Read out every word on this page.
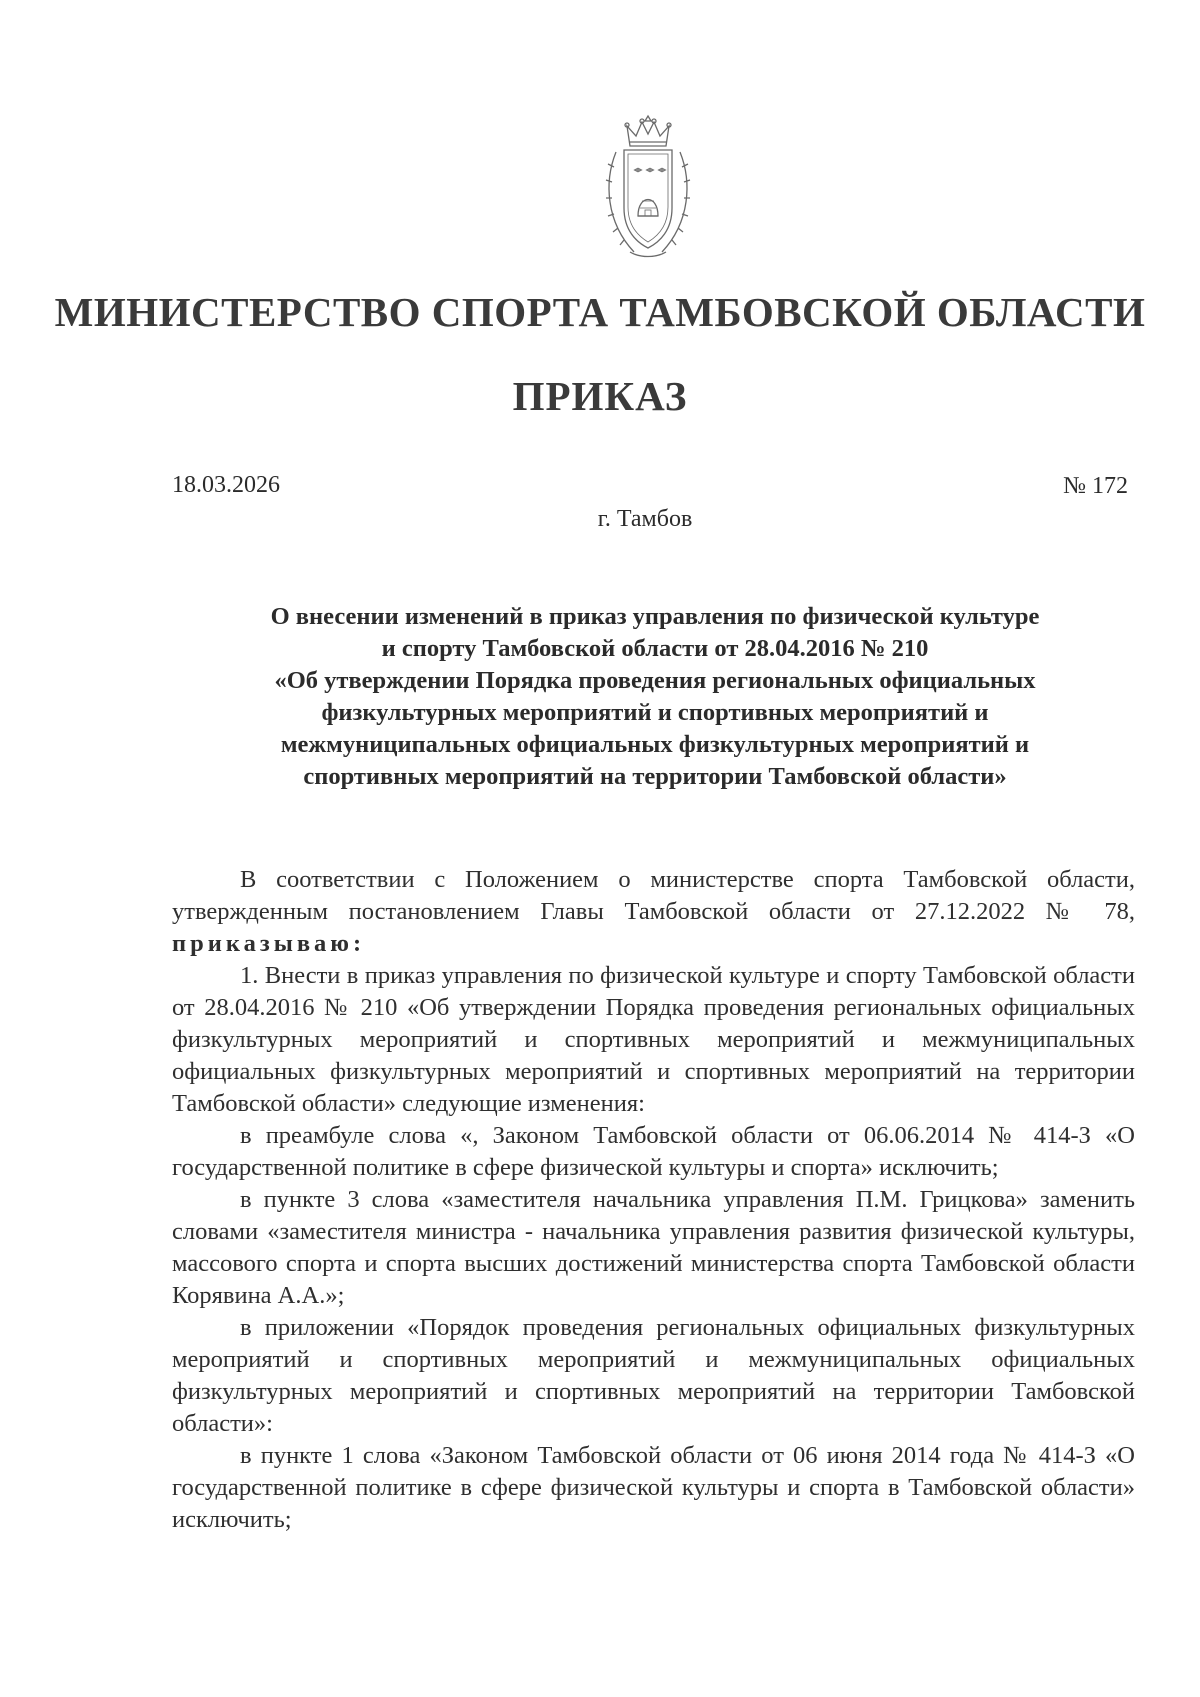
МИНИСТЕРСТВО СПОРТА ТАМБОВСКОЙ ОБЛАСТИ
ПРИКАЗ
18.03.2026	№ 172
г. Тамбов
О внесении изменений в приказ управления по физической культуре
и спорту Тамбовской области от 28.04.2016 № 210
«Об утверждении Порядка проведения региональных официальных
физкультурных мероприятий и спортивных мероприятий и
межмуниципальных официальных физкультурных мероприятий и
спортивных мероприятий на территории Тамбовской области»

В соответствии с Положением о министерстве спорта Тамбовской области, утвержденным постановлением Главы Тамбовской области от 27.12.2022 № 78, приказываю:

1. Внести в приказ управления по физической культуре и спорту Тамбовской области от 28.04.2016 № 210 «Об утверждении Порядка проведения региональных официальных физкультурных мероприятий и спортивных мероприятий и межмуниципальных официальных физкультурных мероприятий и спортивных мероприятий на территории Тамбовской области» следующие изменения:

в преамбуле слова «, Законом Тамбовской области от 06.06.2014 № 414-З «О государственной политике в сфере физической культуры и спорта» исключить;

в пункте 3 слова «заместителя начальника управления П.М. Грицкова» заменить словами «заместителя министра - начальника управления развития физической культуры, массового спорта и спорта высших достижений министерства спорта Тамбовской области Корявина А.А.»;

в приложении «Порядок проведения региональных официальных физкультурных мероприятий и спортивных мероприятий и межмуниципальных официальных физкультурных мероприятий и спортивных мероприятий на территории Тамбовской области»:

в пункте 1 слова «Законом Тамбовской области от 06 июня 2014 года № 414-З «О государственной политике в сфере физической культуры и спорта в Тамбовской области» исключить;
